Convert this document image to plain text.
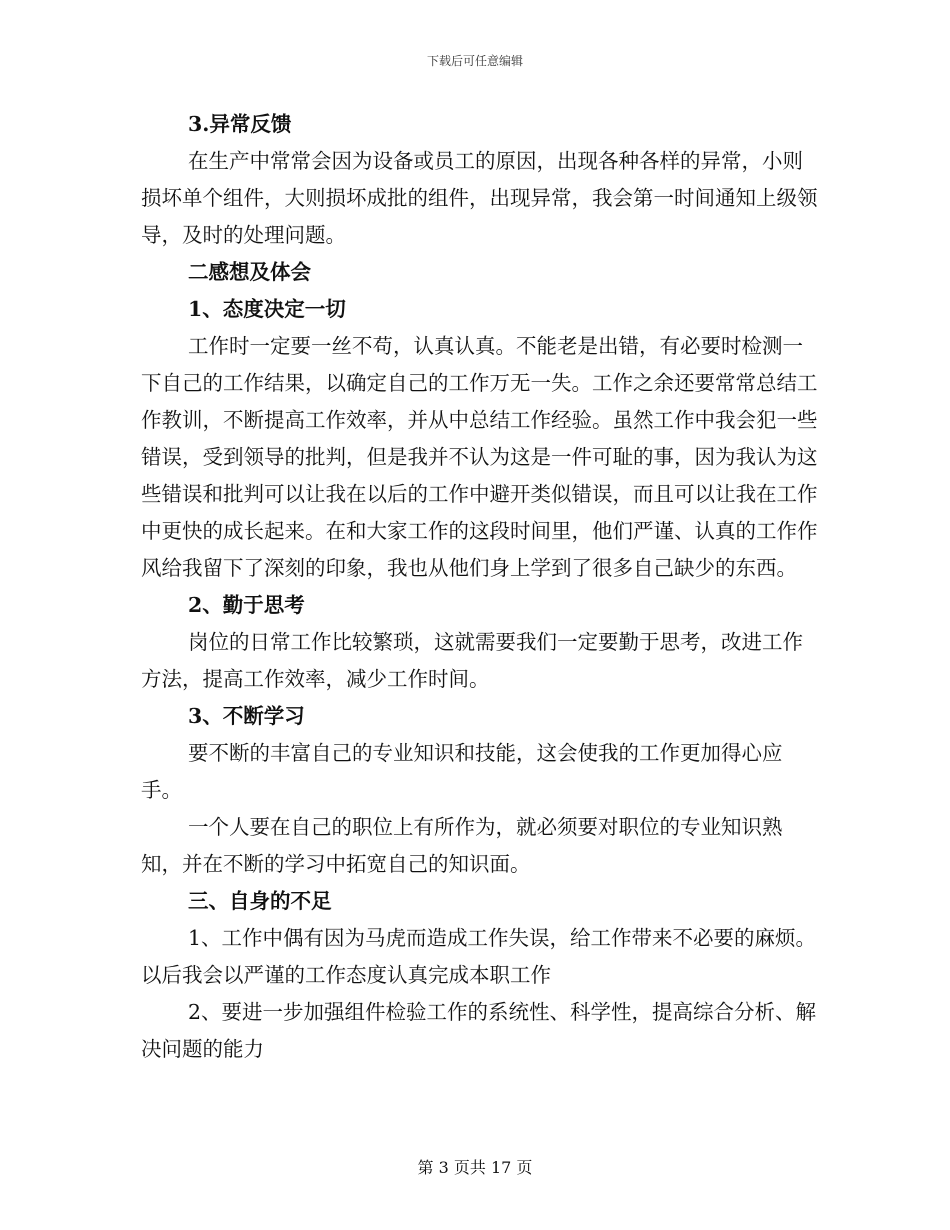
下载后可任意编辑

3.异常反馈

在生产中常常会因为设备或员工的原因，出现各种各样的异常，小则损坏单个组件，大则损坏成批的组件，出现异常，我会第一时间通知上级领导，及时的处理问题。

二感想及体会

1、态度决定一切

工作时一定要一丝不苟，认真认真。不能老是出错，有必要时检测一下自己的工作结果，以确定自己的工作万无一失。工作之余还要常常总结工作教训，不断提高工作效率，并从中总结工作经验。虽然工作中我会犯一些错误，受到领导的批判，但是我并不认为这是一件可耻的事，因为我认为这些错误和批判可以让我在以后的工作中避开类似错误，而且可以让我在工作中更快的成长起来。在和大家工作的这段时间里，他们严谨、认真的工作作风给我留下了深刻的印象，我也从他们身上学到了很多自己缺少的东西。

2、勤于思考

岗位的日常工作比较繁琐，这就需要我们一定要勤于思考，改进工作方法，提高工作效率，减少工作时间。

3、不断学习

要不断的丰富自己的专业知识和技能，这会使我的工作更加得心应手。

一个人要在自己的职位上有所作为，就必须要对职位的专业知识熟知，并在不断的学习中拓宽自己的知识面。

三、自身的不足

1、工作中偶有因为马虎而造成工作失误，给工作带来不必要的麻烦。以后我会以严谨的工作态度认真完成本职工作

2、要进一步加强组件检验工作的系统性、科学性，提高综合分析、解决问题的能力

第 3 页共 17 页
